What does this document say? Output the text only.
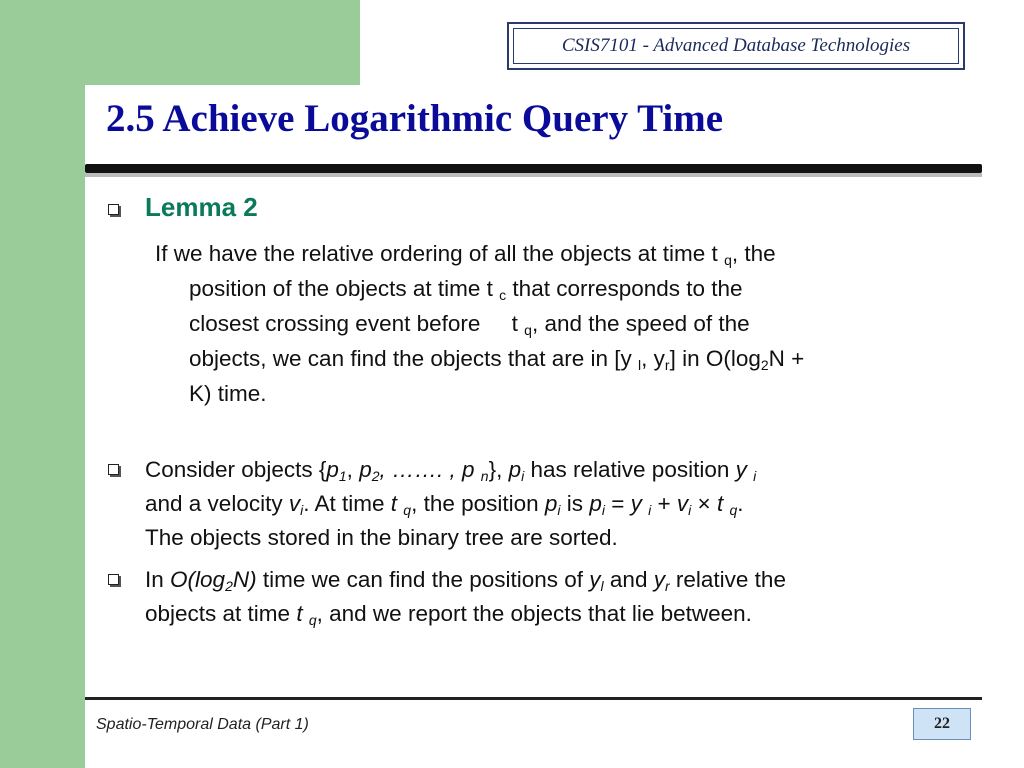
CSIS7101 - Advanced Database Technologies
2.5 Achieve Logarithmic Query Time
Lemma 2
If we have the relative ordering of all the objects at time t $_q$, the
position of the objects at time t $_c$ that corresponds to the
closest crossing event before     t $_q$, and the speed of the
objects, we can find the objects that are in [y $_l$, $y_r$] in $O(\log_2N$ +
K) time.
Consider objects {$p_1$, $p_2$, ……. , p $_n$}, $p_i$ has relative position y $_i$
and a velocity $v_i$. At time t $_q$, the position $p_i$ is $p_i = y$ $_i + v_i \times t$ $_q$.
The objects stored in the binary tree are sorted.
In $O(\log_2N)$ time we can find the positions of $y_l$ and $y_r$ relative the
objects at time t $_q$, and we report the objects that lie between.
Spatio-Temporal Data (Part 1)	22
